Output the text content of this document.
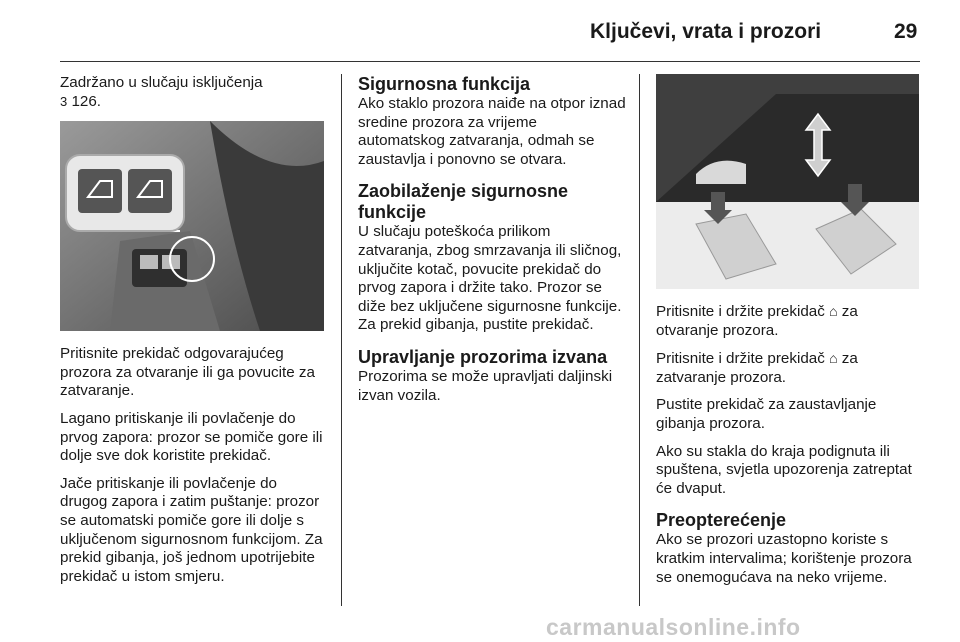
Ključevi, vrata i prozori	29

Zadržano u slučaju isključenja
3 126.

Pritisnite prekidač odgovarajućeg prozora za otvaranje ili ga povucite za zatvaranje.

Lagano pritiskanje ili povlačenje do prvog zapora: prozor se pomiče gore ili dolje sve dok koristite prekidač.

Jače pritiskanje ili povlačenje do drugog zapora i zatim puštanje: prozor se automatski pomiče gore ili dolje s uključenom sigurnosnom funkcijom. Za prekid gibanja, još jednom upotrijebite prekidač u istom smjeru.

Sigurnosna funkcija

Ako staklo prozora naiđe na otpor iznad sredine prozora za vrijeme automatskog zatvaranja, odmah se zaustavlja i ponovno se otvara.

Zaobilaženje sigurnosne funkcije

U slučaju poteškoća prilikom zatvaranja, zbog smrzavanja ili sličnog, uključite kotač, povucite prekidač do prvog zapora i držite tako. Prozor se diže bez uključene sigurnosne funkcije. Za prekid gibanja, pustite prekidač.

Upravljanje prozorima izvana

Prozorima se može upravljati daljinski izvan vozila.

Pritisnite i držite prekidač ⌂ za otvaranje prozora.

Pritisnite i držite prekidač ⌂ za zatvaranje prozora.

Pustite prekidač za zaustavljanje gibanja prozora.

Ako su stakla do kraja podignuta ili spuštena, svjetla upozorenja zatreptat će dvaput.

Preopterećenje

Ako se prozori uzastopno koriste s kratkim intervalima; korištenje prozora se onemogućava na neko vrijeme.

carmanualsonline.info
